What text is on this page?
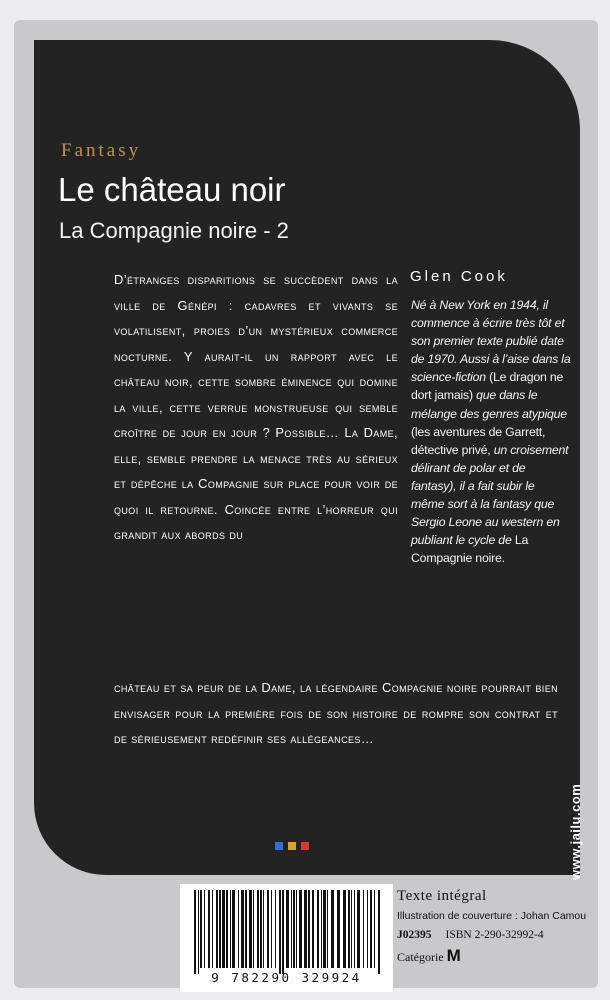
Fantasy
Le château noir
La Compagnie noire - 2
D’étranges disparitions se succèdent dans la ville de Génépi : cadavres et vivants se volatilisent, proies d’un mystérieux commerce nocturne. Y aurait-il un rapport avec le château noir, cette sombre éminence qui domine la ville, cette verrue monstrueuse qui semble croître de jour en jour ? Possible… La Dame, elle, semble prendre la menace très au sérieux et dépêche la Compagnie sur place pour voir de quoi il retourne. Coincée entre l’horreur qui grandit aux abords du
château et sa peur de la Dame, la légendaire Compagnie noire pourrait bien envisager pour la première fois de son histoire de rompre son contrat et de sérieusement redéfinir ses allégeances…
Glen Cook
Né à New York en 1944, il commence à écrire très tôt et son premier texte publié date de 1970. Aussi à l’aise dans la science-fiction (Le dragon ne dort jamais) que dans le mélange des genres atypique (les aventures de Garrett, détective privé, un croisement délirant de polar et de fantasy), il a fait subir le même sort à la fantasy que Sergio Leone au western en publiant le cycle de La Compagnie noire.
www.jailu.com
9 782290 329924
Texte intégral
Illustration de couverture : Johan Camou
J02395 ISBN 2-290-32992-4
Catégorie M
